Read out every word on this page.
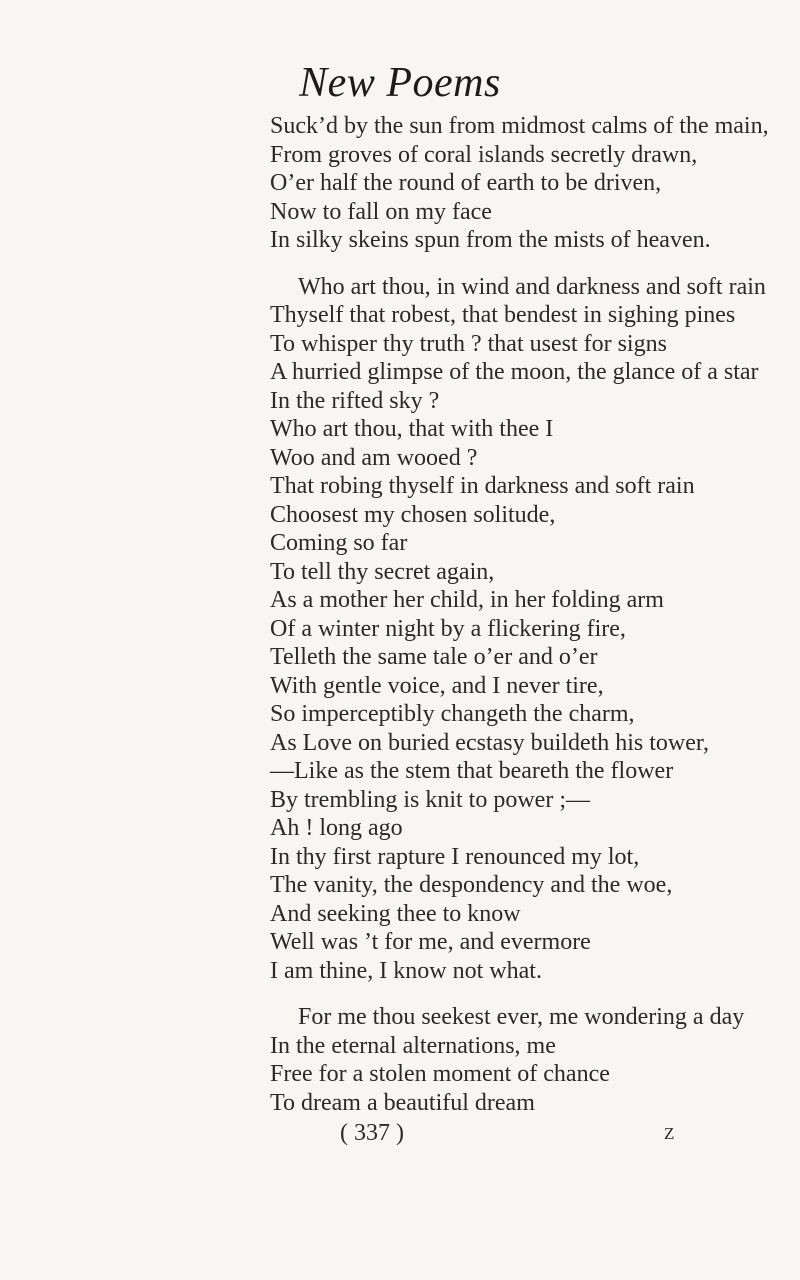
New Poems
Suck’d by the sun from midmost calms of the main,
From groves of coral islands secretly drawn,
O’er half the round of earth to be driven,
Now to fall on my face
In silky skeins spun from the mists of heaven.
Who art thou, in wind and darkness and soft rain
Thyself that robest, that bendest in sighing pines
To whisper thy truth ? that usest for signs
A hurried glimpse of the moon, the glance of a star
In the rifted sky ?
Who art thou, that with thee I
Woo and am wooed ?
That robing thyself in darkness and soft rain
Choosest my chosen solitude,
Coming so far
To tell thy secret again,
As a mother her child, in her folding arm
Of a winter night by a flickering fire,
Telleth the same tale o’er and o’er
With gentle voice, and I never tire,
So imperceptibly changeth the charm,
As Love on buried ecstasy buildeth his tower,
—Like as the stem that beareth the flower
By trembling is knit to power ;—
Ah ! long ago
In thy first rapture I renounced my lot,
The vanity, the despondency and the woe,
And seeking thee to know
Well was ’t for me, and evermore
I am thine, I know not what.
For me thou seekest ever, me wondering a day
In the eternal alternations, me
Free for a stolen moment of chance
To dream a beautiful dream
( 337 )	Z
